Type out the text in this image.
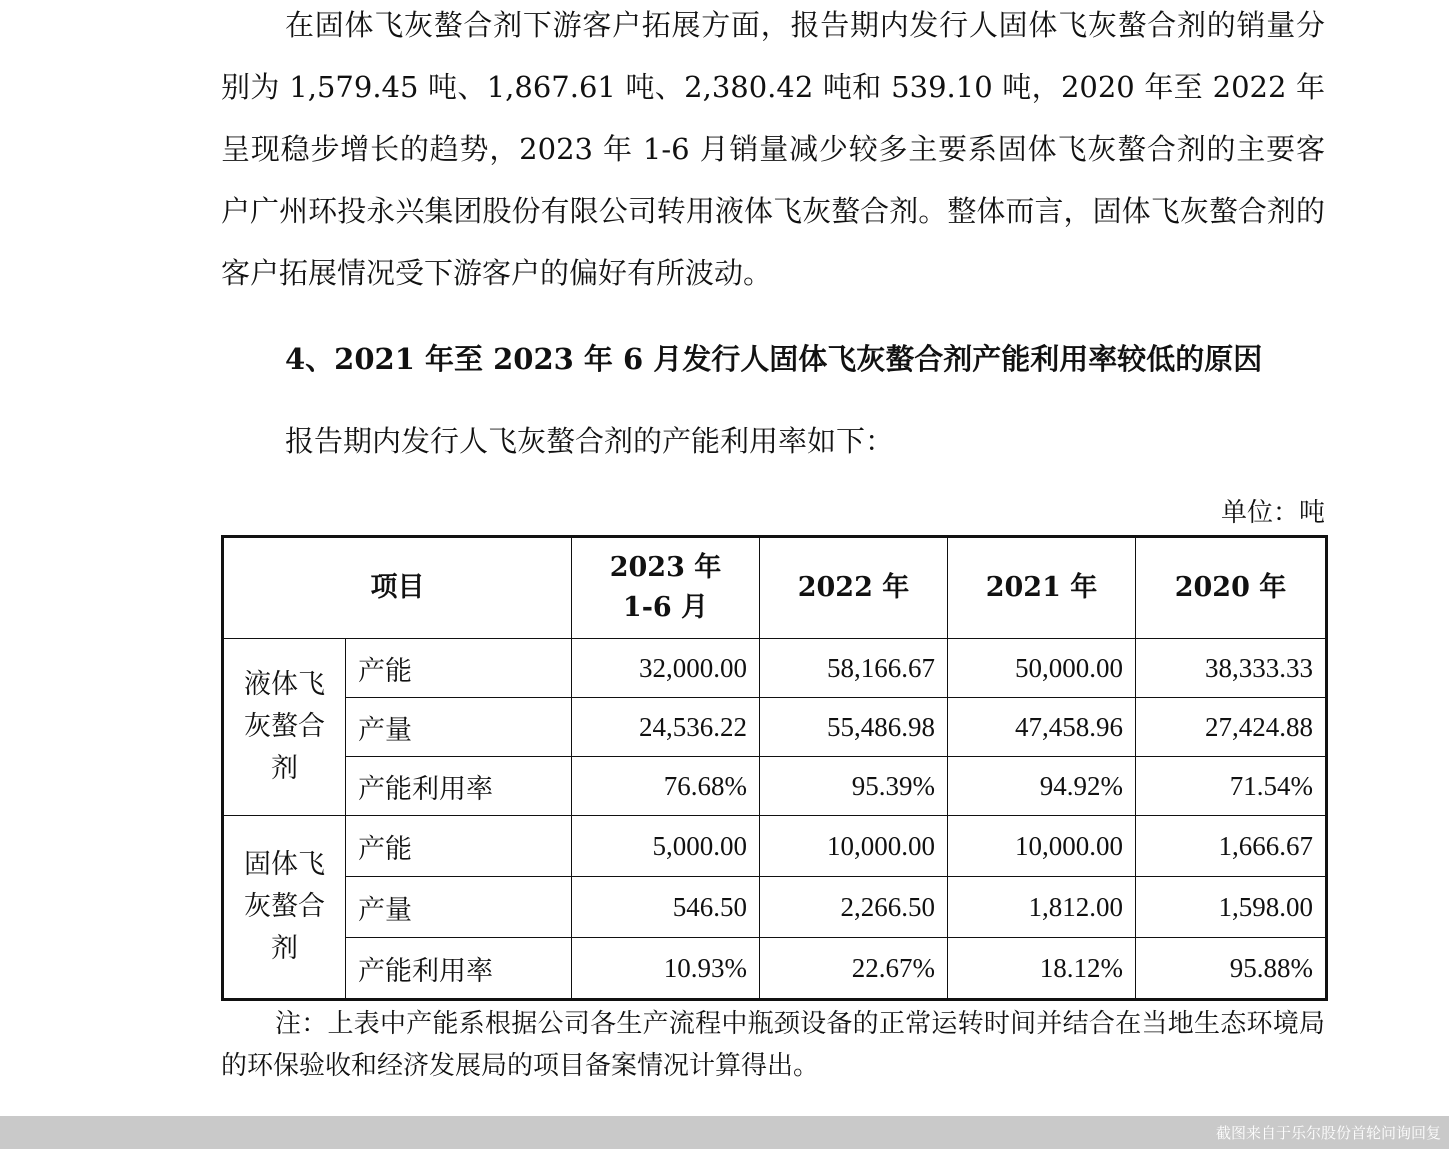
在固体飞灰螯合剂下游客户拓展方面，报告期内发行人固体飞灰螯合剂的销量分别为 1,579.45 吨、1,867.61 吨、2,380.42 吨和 539.10 吨，2020 年至 2022 年呈现稳步增长的趋势，2023 年 1-6 月销量减少较多主要系固体飞灰螯合剂的主要客户广州环投永兴集团股份有限公司转用液体飞灰螯合剂。整体而言，固体飞灰螯合剂的客户拓展情况受下游客户的偏好有所波动。

4、2021 年至 2023 年 6 月发行人固体飞灰螯合剂产能利用率较低的原因
报告期内发行人飞灰螯合剂的产能利用率如下：
单位：吨
项目		2023 年 1-6 月	2022 年	2021 年	2020 年
液体飞灰螯合剂	产能	32,000.00	58,166.67	50,000.00	38,333.33
	产量	24,536.22	55,486.98	47,458.96	27,424.88
	产能利用率	76.68%	95.39%	94.92%	71.54%
固体飞灰螯合剂	产能	5,000.00	10,000.00	10,000.00	1,666.67
	产量	546.50	2,266.50	1,812.00	1,598.00
	产能利用率	10.93%	22.67%	18.12%	95.88%

注：上表中产能系根据公司各生产流程中瓶颈设备的正常运转时间并结合在当地生态环境局的环保验收和经济发展局的项目备案情况计算得出。

截图来自于乐尔股份首轮问询回复
